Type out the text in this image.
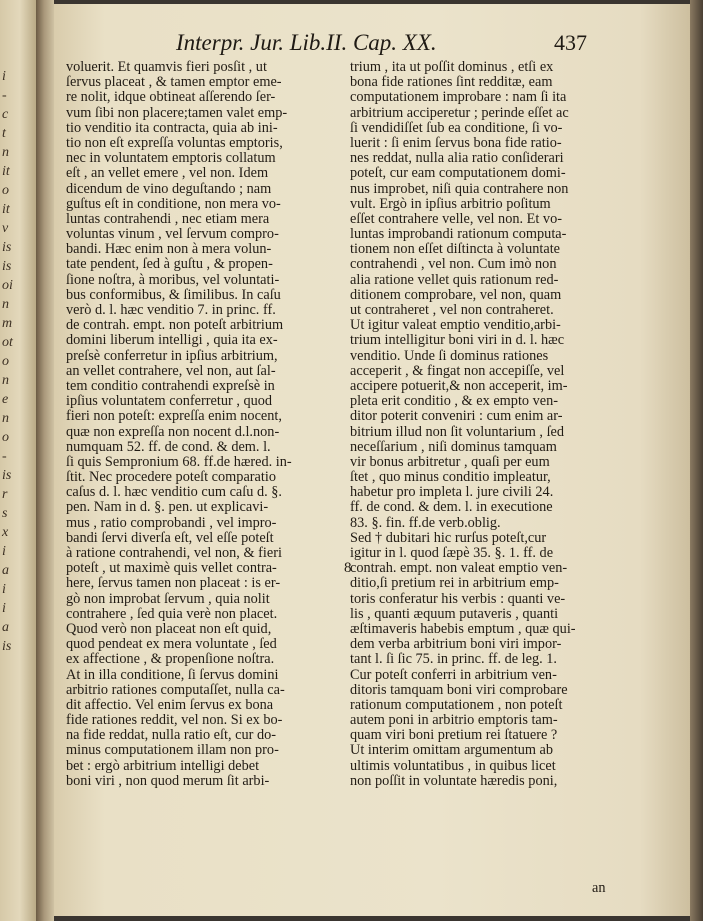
i
-
c
t
n
it
o
it
v
is
is
oi
n
m
ot
o
n
e
n
o
-
is
r
s
x
i
a
i
i
a
is
Interpr. Jur. Lib.II. Cap. XX.	437
voluerit. Et quamvis fieri posſit , ut
ſervus placeat , & tamen emptor eme-
re nolit, idque obtineat aſſerendo ſer-
vum ſibi non placere;tamen valet emp-
tio venditio ita contracta, quia ab ini-
tio non eſt expreſſa voluntas emptoris,
nec in voluntatem emptoris collatum
eſt , an vellet emere , vel non. Idem
dicendum de vino deguſtando ; nam
guſtus eſt in conditione, non mera vo-
luntas contrahendi , nec etiam mera
voluntas vinum , vel ſervum compro-
bandi. Hæc enim non à mera volun-
tate pendent, ſed à guſtu , & propen-
ſione noſtra, à moribus, vel voluntati-
bus conformibus, & ſimilibus. In caſu
verò d. l. hæc venditio 7. in princ. ff.
de contrah. empt. non poteſt arbitrium
domini liberum intelligi , quia ita ex-
preſsè conferretur in ipſius arbitrium,
an vellet contrahere, vel non, aut ſal-
tem conditio contrahendi expreſsè in
ipſius voluntatem conferretur , quod
fieri non poteſt: expreſſa enim nocent,
quæ non expreſſa non nocent d.l.non-
numquam 52. ff. de cond. & dem. l.
ſi quis Sempronium 68. ff.de hæred. in-
ſtit. Nec procedere poteſt comparatio
caſus d. l. hæc venditio cum caſu d. §.
pen. Nam in d. §. pen. ut explicavi-
mus , ratio comprobandi , vel impro-
bandi ſervi diverſa eſt, vel eſſe poteſt
à ratione contrahendi, vel non, & fieri
poteſt , ut maximè quis vellet contra-
here, ſervus tamen non placeat : is er-
gò non improbat ſervum , quia nolit
contrahere , ſed quia verè non placet.
Quod verò non placeat non eſt quid,
quod pendeat ex mera voluntate , ſed
ex affectione , & propenſione noſtra.
At in illa conditione, ſi ſervus domini
arbitrio rationes computaſſet, nulla ca-
dit affectio. Vel enim ſervus ex bona
fide rationes reddit, vel non. Si ex bo-
na fide reddat, nulla ratio eſt, cur do-
minus computationem illam non pro-
bet : ergò arbitrium intelligi debet
boni viri , non quod merum ſit arbi-
trium , ita ut poſſit dominus , etſi ex
bona fide rationes ſint redditæ, eam
computationem improbare : nam ſi ita
arbitrium acciperetur ; perinde eſſet ac
ſi vendidiſſet ſub ea conditione, ſi vo-
luerit : ſi enim ſervus bona fide ratio-
nes reddat, nulla alia ratio conſiderari
poteſt, cur eam computationem domi-
nus improbet, niſi quia contrahere non
vult. Ergò in ipſius arbitrio poſitum
eſſet contrahere velle, vel non. Et vo-
luntas improbandi rationum computa-
tionem non eſſet diſtincta à voluntate
contrahendi , vel non. Cum imò non
alia ratione vellet quis rationum red-
ditionem comprobare, vel non, quam
ut contraheret , vel non contraheret.
Ut igitur valeat emptio venditio,arbi-
trium intelligitur boni viri in d. l. hæc
venditio. Unde ſi dominus rationes
acceperit , & fingat non accepiſſe, vel
accipere potuerit,& non acceperit, im-
pleta erit conditio , & ex empto ven-
ditor poterit conveniri : cum enim ar-
bitrium illud non ſit voluntarium , ſed
neceſſarium , niſi dominus tamquam
vir bonus arbitretur , quaſi per eum
ſtet , quo minus conditio impleatur,
habetur pro impleta l. jure civili 24.
ff. de cond. & dem. l. in executione
83. §. fin. ff.de verb.oblig.
Sed † dubitari hic rurſus poteſt,cur
igitur in l. quod ſæpè 35. §. 1. ff. de
contrah. empt. non valeat emptio ven-
ditio,ſi pretium rei in arbitrium emp-
toris conferatur his verbis : quanti ve-
lis , quanti æquum putaveris , quanti
æſtimaveris habebis emptum , quæ qui-
dem verba arbitrium boni viri impor-
tant l. ſi ſic 75. in princ. ff. de leg. 1.
Cur poteſt conferri in arbitrium ven-
ditoris tamquam boni viri comprobare
rationum computationem , non poteſt
autem poni in arbitrio emptoris tam-
quam viri boni pretium rei ſtatuere ?
Ut interim omittam argumentum ab
ultimis voluntatibus , in quibus licet
non poſſit in voluntate hæredis poni,
8
an
